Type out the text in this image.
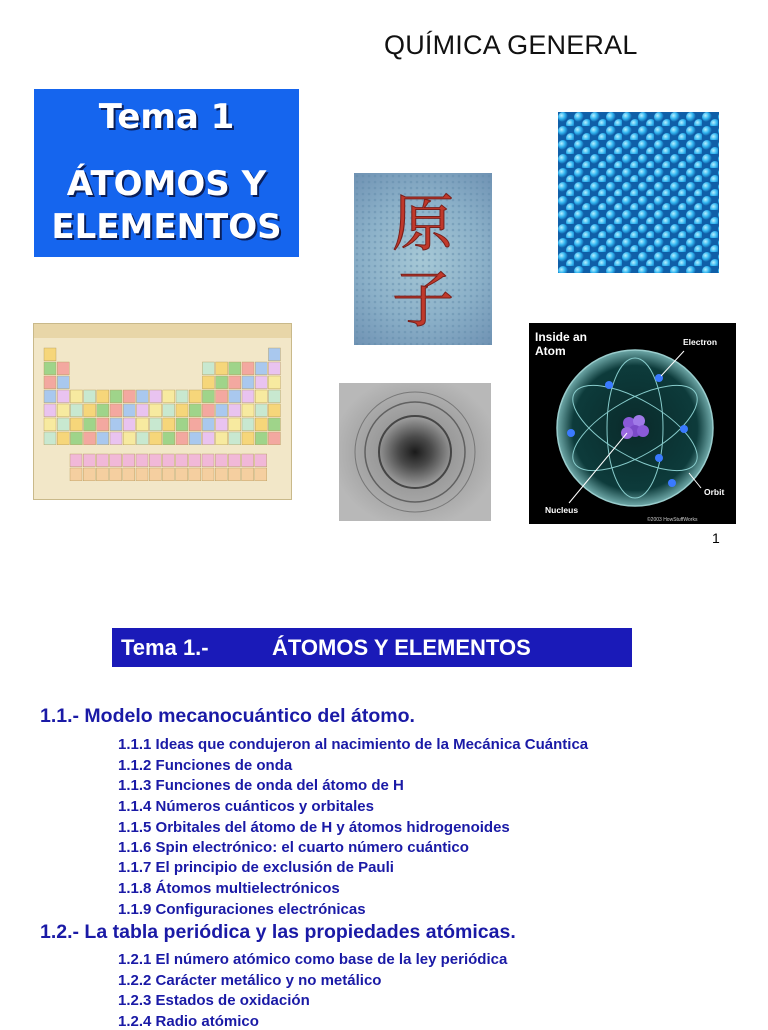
QUÍMICA GENERAL
Tema 1
ÁTOMOS Y
ELEMENTOS 原
子
Inside an
Atom
Electron
Nucleus
Orbit
©2003 HowStuffWorks
1
Tema 1.-	ÁTOMOS Y ELEMENTOS
1.1.- Modelo mecanocuántico del átomo.
1.1.1 Ideas que condujeron al nacimiento de la Mecánica Cuántica
1.1.2 Funciones de onda
1.1.3 Funciones de onda del átomo de H
1.1.4 Números cuánticos y orbitales
1.1.5 Orbitales del átomo de H y átomos hidrogenoides
1.1.6 Spin electrónico: el cuarto número cuántico
1.1.7 El principio de exclusión de Pauli
1.1.8 Átomos multielectrónicos
1.1.9 Configuraciones electrónicas
1.2.- La tabla periódica y las propiedades atómicas.
1.2.1 El número atómico como base de la ley periódica
1.2.2 Carácter metálico y no metálico
1.2.3 Estados de oxidación
1.2.4 Radio atómico
